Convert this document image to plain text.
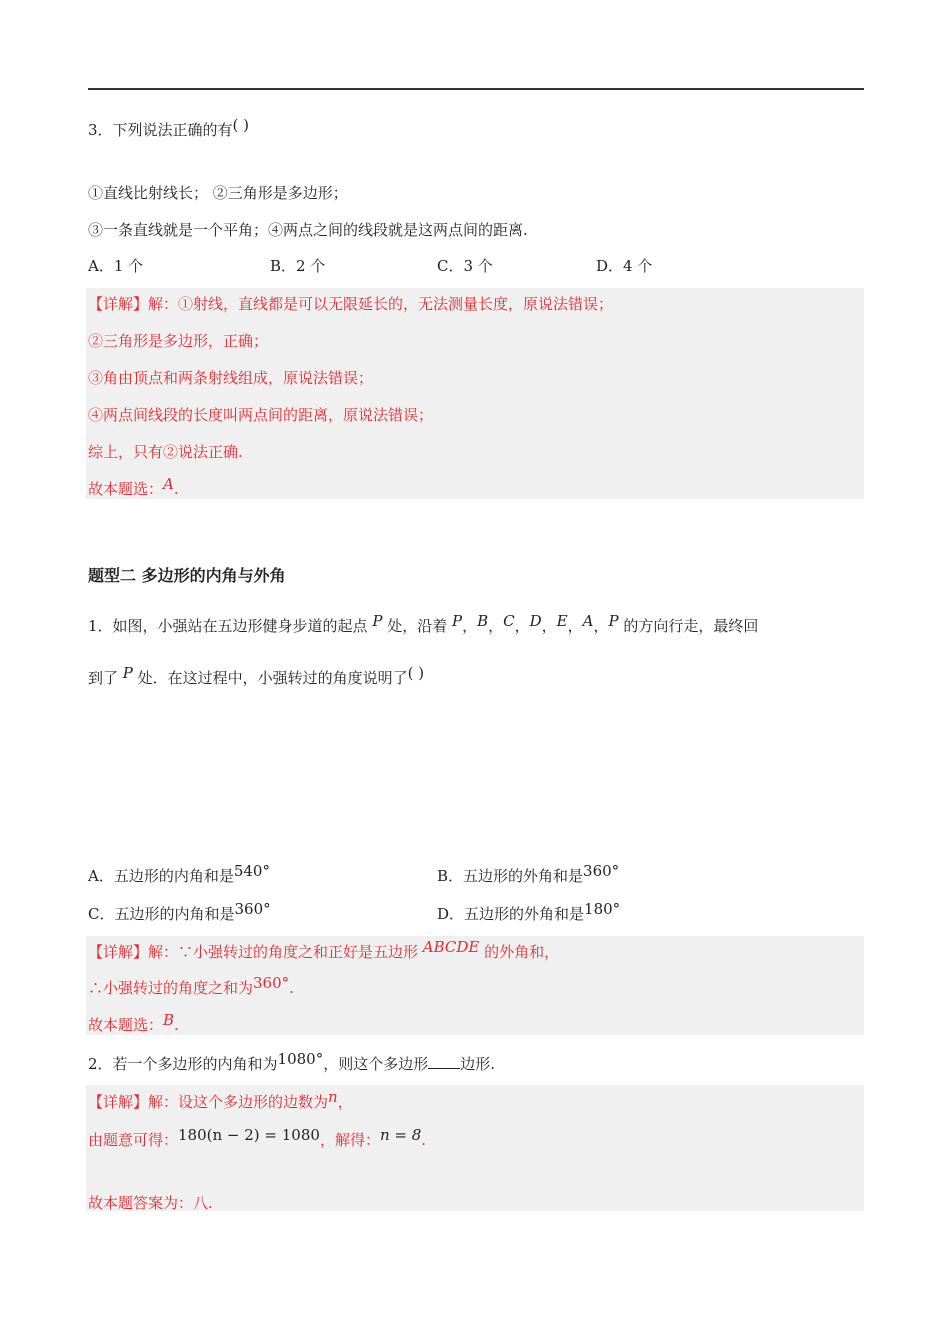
3．下列说法正确的有( )
①直线比射线长； ②三角形是多边形；
③一条直线就是一个平角；④两点之间的线段就是这两点间的距离.
A．1 个	B．2 个	C．3 个	D．4 个
【详解】解：①射线，直线都是可以无限延长的，无法测量长度，原说法错误；
②三角形是多边形，正确；
③角由顶点和两条射线组成，原说法错误；
④两点间线段的长度叫两点间的距离，原说法错误；
综上，只有②说法正确.
故本题选：A.
题型二 多边形的内角与外角
1．如图，小强站在五边形健身步道的起点 P 处，沿着 P，B，C，D，E，A，P 的方向行走，最终回
到了 P 处．在这过程中，小强转过的角度说明了( )
A．五边形的内角和是540°	B．五边形的外角和是360°
C．五边形的内角和是360°	D．五边形的外角和是180°
【详解】解：∵小强转过的角度之和正好是五边形 ABCDE 的外角和，
∴小强转过的角度之和为360°.
故本题选：B.
2．若一个多边形的内角和为1080°，则这个多边形 边形.
【详解】解：设这个多边形的边数为n，
由题意可得：180(n − 2) = 1080，解得：n = 8.
故本题答案为：八.
